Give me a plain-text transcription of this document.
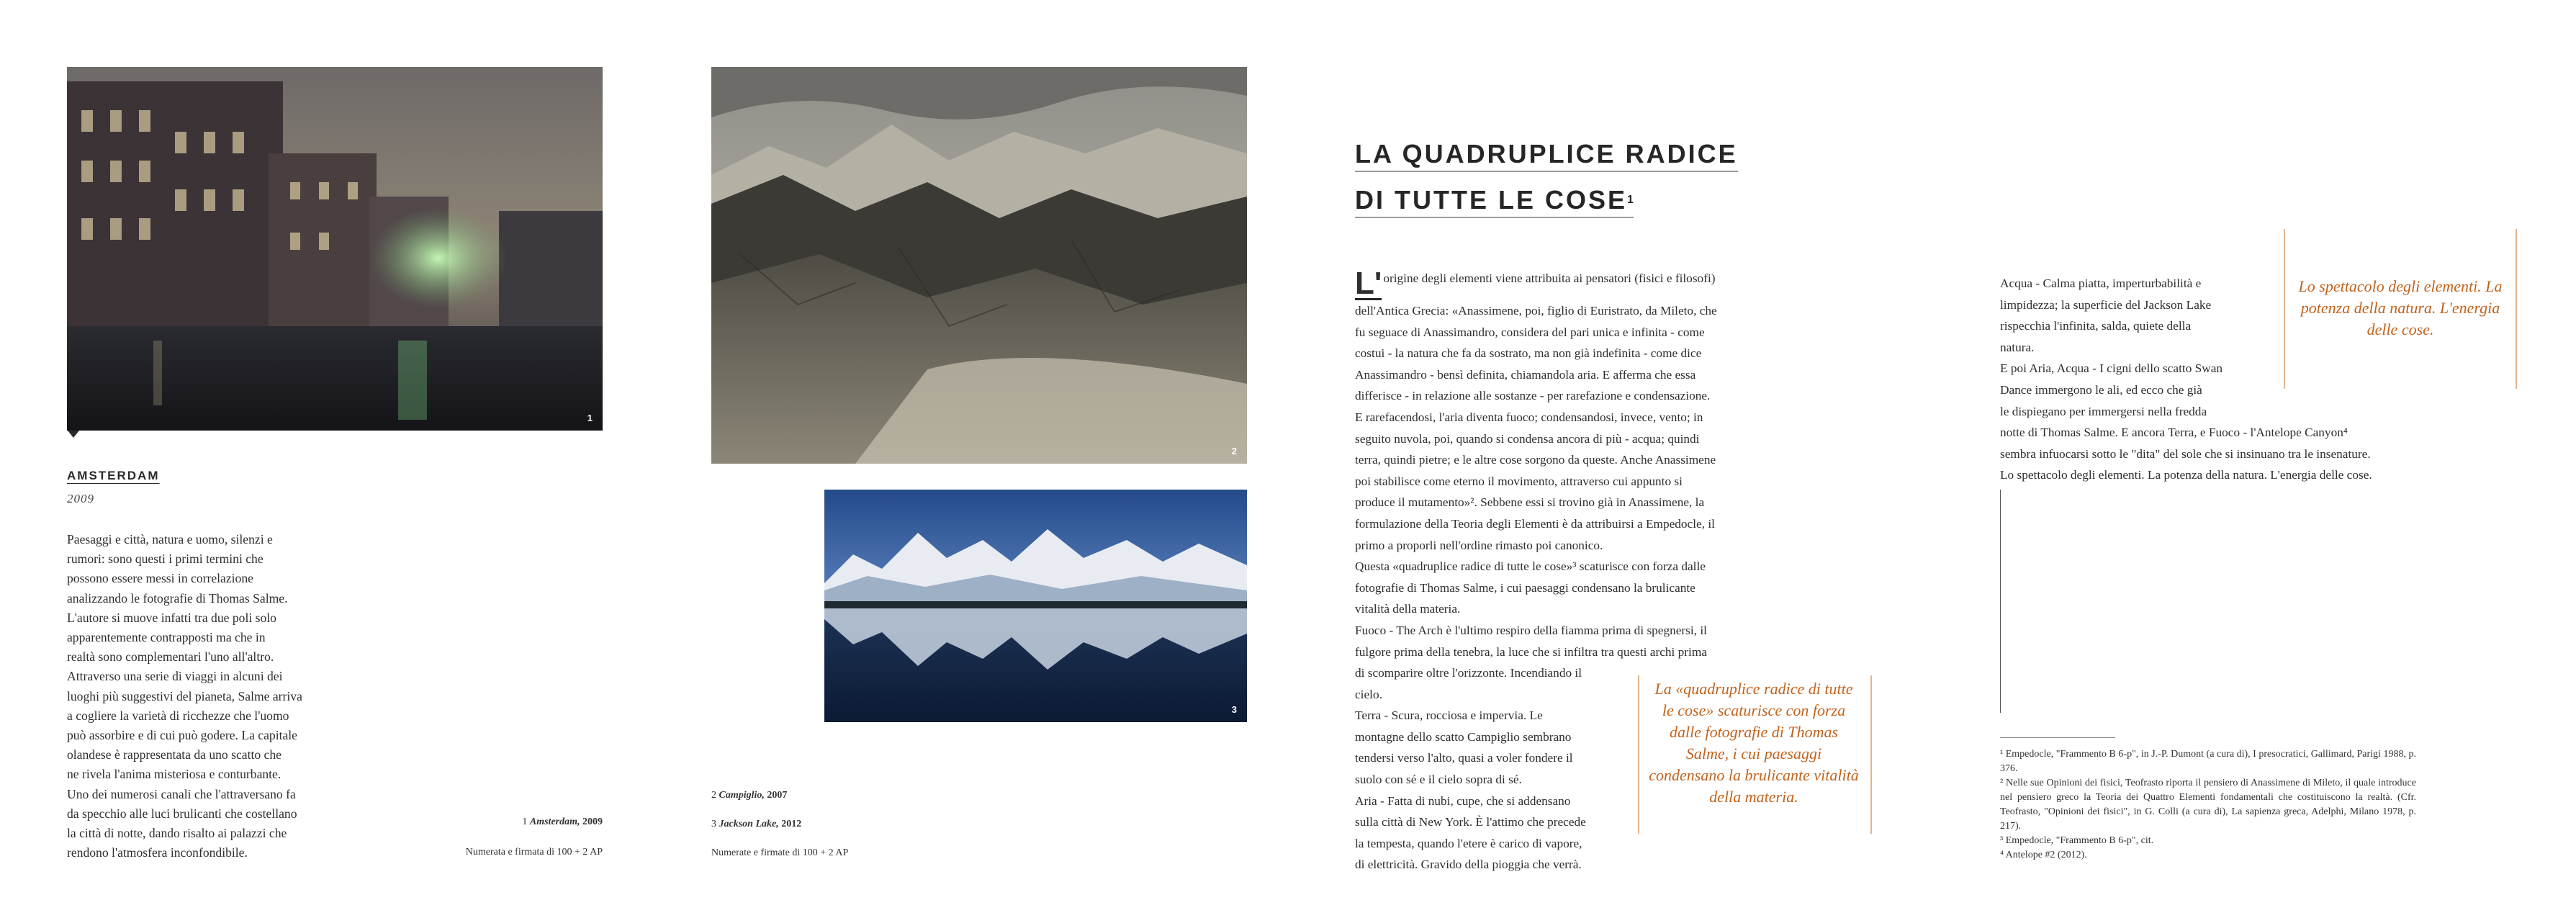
1
AMSTERDAM
2009

Paesaggi e città, natura e uomo, silenzi e

rumori: sono questi i primi termini che

possono essere messi in correlazione

analizzando le fotografie di Thomas Salme.

L'autore si muove infatti tra due poli solo

apparentemente contrapposti ma che in

realtà sono complementari l'uno all'altro.

Attraverso una serie di viaggi in alcuni dei

luoghi più suggestivi del pianeta, Salme arriva

a cogliere la varietà di ricchezze che l'uomo

può assorbire e di cui può godere. La capitale

olandese è rappresentata da uno scatto che

ne rivela l'anima misteriosa e conturbante.

Uno dei numerosi canali che l'attraversano fa

da specchio alle luci brulicanti che costellano

la città di notte, dando risalto ai palazzi che

rendono l'atmosfera inconfondibile.

1 Amsterdam, 2009
Numerata e firmata di 100 + 2 AP
2
3
2 Campiglio, 2007
3 Jackson Lake, 2012
Numerate e firmate di 100 + 2 AP
LA QUADRUPLICE RADICE
DI TUTTE LE COSE$^1$

L' origine degli elementi viene attribuita ai pensatori (fisici e filosofi)

dell'Antica Grecia: «Anassimene, poi, figlio di Euristrato, da Mileto, che

fu seguace di Anassimandro, considera del pari unica e infinita - come

costui - la natura che fa da sostrato, ma non già indefinita - come dice

Anassimandro - bensì definita, chiamandola aria. E afferma che essa

differisce - in relazione alle sostanze - per rarefazione e condensazione.

E rarefacendosi, l'aria diventa fuoco; condensandosi, invece, vento; in

seguito nuvola, poi, quando si condensa ancora di più - acqua; quindi

terra, quindi pietre; e le altre cose sorgono da queste. Anche Anassimene

poi stabilisce come eterno il movimento, attraverso cui appunto si

produce il mutamento»². Sebbene essi si trovino già in Anassimene, la

formulazione della Teoria degli Elementi è da attribuirsi a Empedocle, il

primo a proporli nell'ordine rimasto poi canonico.

Questa «quadruplice radice di tutte le cose»³ scaturisce con forza dalle

fotografie di Thomas Salme, i cui paesaggi condensano la brulicante

vitalità della materia.

Fuoco - The Arch è l'ultimo respiro della fiamma prima di spegnersi, il

fulgore prima della tenebra, la luce che si infiltra tra questi archi prima

di scomparire oltre l'orizzonte. Incendiando il

cielo.

Terra - Scura, rocciosa e impervia. Le

montagne dello scatto Campiglio sembrano

tendersi verso l'alto, quasi a voler fondere il

suolo con sé e il cielo sopra di sé.

Aria - Fatta di nubi, cupe, che si addensano

sulla città di New York. È l'attimo che precede

la tempesta, quando l'etere è carico di vapore,

di elettricità. Gravido della pioggia che verrà.

La «quadruplice radice di tutte le cose» scaturisce con forza dalle fotografie di Thomas Salme, i cui paesaggi condensano la brulicante vitalità della materia.

Acqua - Calma piatta, imperturbabilità e

limpidezza; la superficie del Jackson Lake

rispecchia l'infinita, salda, quiete della

natura.

E poi Aria, Acqua - I cigni dello scatto Swan

Dance immergono le ali, ed ecco che già

le dispiegano per immergersi nella fredda

notte di Thomas Salme. E ancora Terra, e Fuoco - l'Antelope Canyon⁴

sembra infuocarsi sotto le "dita" del sole che si insinuano tra le insenature.

Lo spettacolo degli elementi. La potenza della natura. L'energia delle cose.

Lo spettacolo degli elementi. La potenza della natura. L'energia delle cose.

¹ Empedocle, "Frammento B 6-p", in J.-P. Dumont (a cura di), I presocratici, Gallimard, Parigi 1988, p. 376.

² Nelle sue Opinioni dei fisici, Teofrasto riporta il pensiero di Anassimene di Mileto, il quale introduce nel pensiero greco la Teoria dei Quattro Elementi fondamentali che costituiscono la realtà. (Cfr. Teofrasto, "Opinioni dei fisici", in G. Colli (a cura di), La sapienza greca, Adelphi, Milano 1978, p. 217).

³ Empedocle, "Frammento B 6-p", cit.

⁴ Antelope #2 (2012).
